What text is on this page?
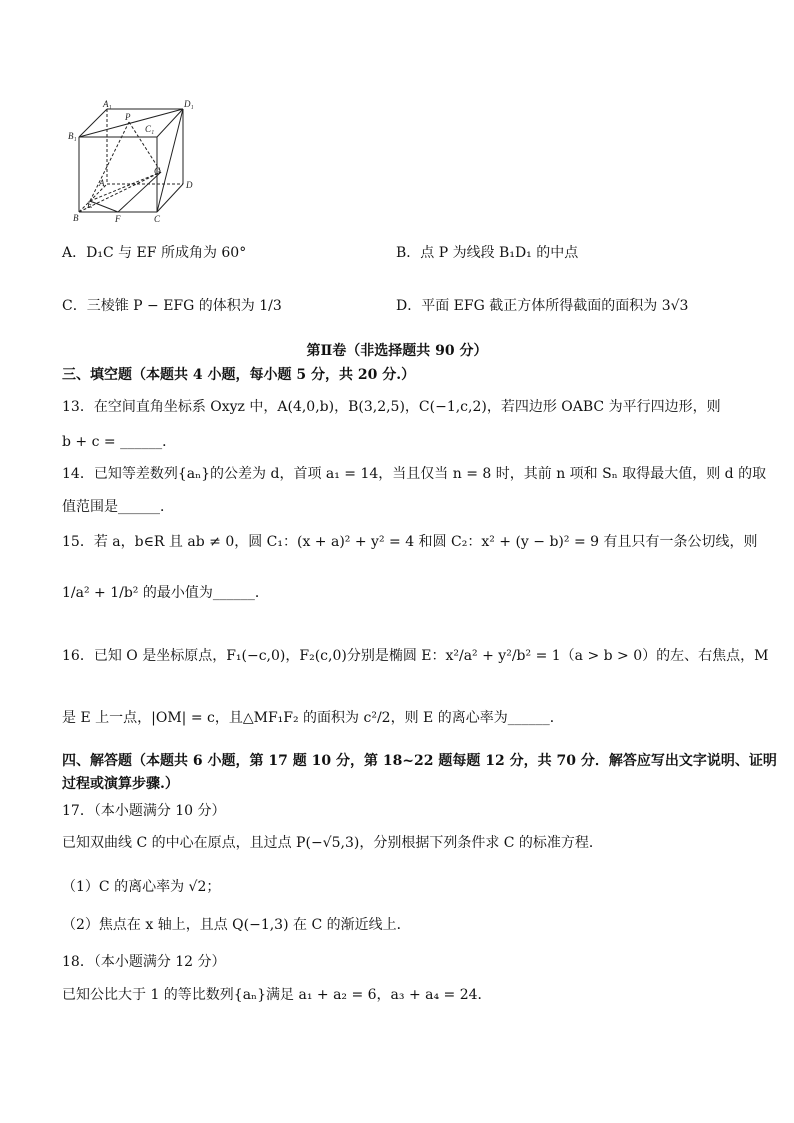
A₁	D₁
B₁
C₁
P
G
D
A
E
B	F	C
A．D₁C 与 EF 所成角为 60°	B．点 P 为线段 B₁D₁ 的中点
C．三棱锥 P − EFG 的体积为 1/3	D．平面 EFG 截正方体所得截面的面积为 3√3
第Ⅱ卷（非选择题共 90 分）
三、填空题（本题共 4 小题，每小题 5 分，共 20 分.）
13．在空间直角坐标系 Oxyz 中，A(4,0,b)，B(3,2,5)，C(−1,c,2)，若四边形 OABC 为平行四边形，则
b + c = ______．
14．已知等差数列{aₙ}的公差为 d，首项 a₁ = 14，当且仅当 n = 8 时，其前 n 项和 Sₙ 取得最大值，则 d 的取
值范围是______．
15．若 a，b∈R 且 ab ≠ 0，圆 C₁：(x + a)² + y² = 4 和圆 C₂：x² + (y − b)² = 9 有且只有一条公切线，则
1/a² + 1/b² 的最小值为______．
16．已知 O 是坐标原点，F₁(−c,0)，F₂(c,0)分别是椭圆 E：x²/a² + y²/b² = 1（a > b > 0）的左、右焦点，M
是 E 上一点，|OM| = c，且△MF₁F₂ 的面积为 c²/2，则 E 的离心率为______．
四、解答题（本题共 6 小题，第 17 题 10 分，第 18~22 题每题 12 分，共 70 分．解答应写出文字说明、证明
过程或演算步骤.）
17．（本小题满分 10 分）
已知双曲线 C 的中心在原点，且过点 P(−√5,3)，分别根据下列条件求 C 的标准方程．
（1）C 的离心率为 √2；
（2）焦点在 x 轴上，且点 Q(−1,3) 在 C 的渐近线上．
18．（本小题满分 12 分）
已知公比大于 1 的等比数列{aₙ}满足 a₁ + a₂ = 6，a₃ + a₄ = 24．
